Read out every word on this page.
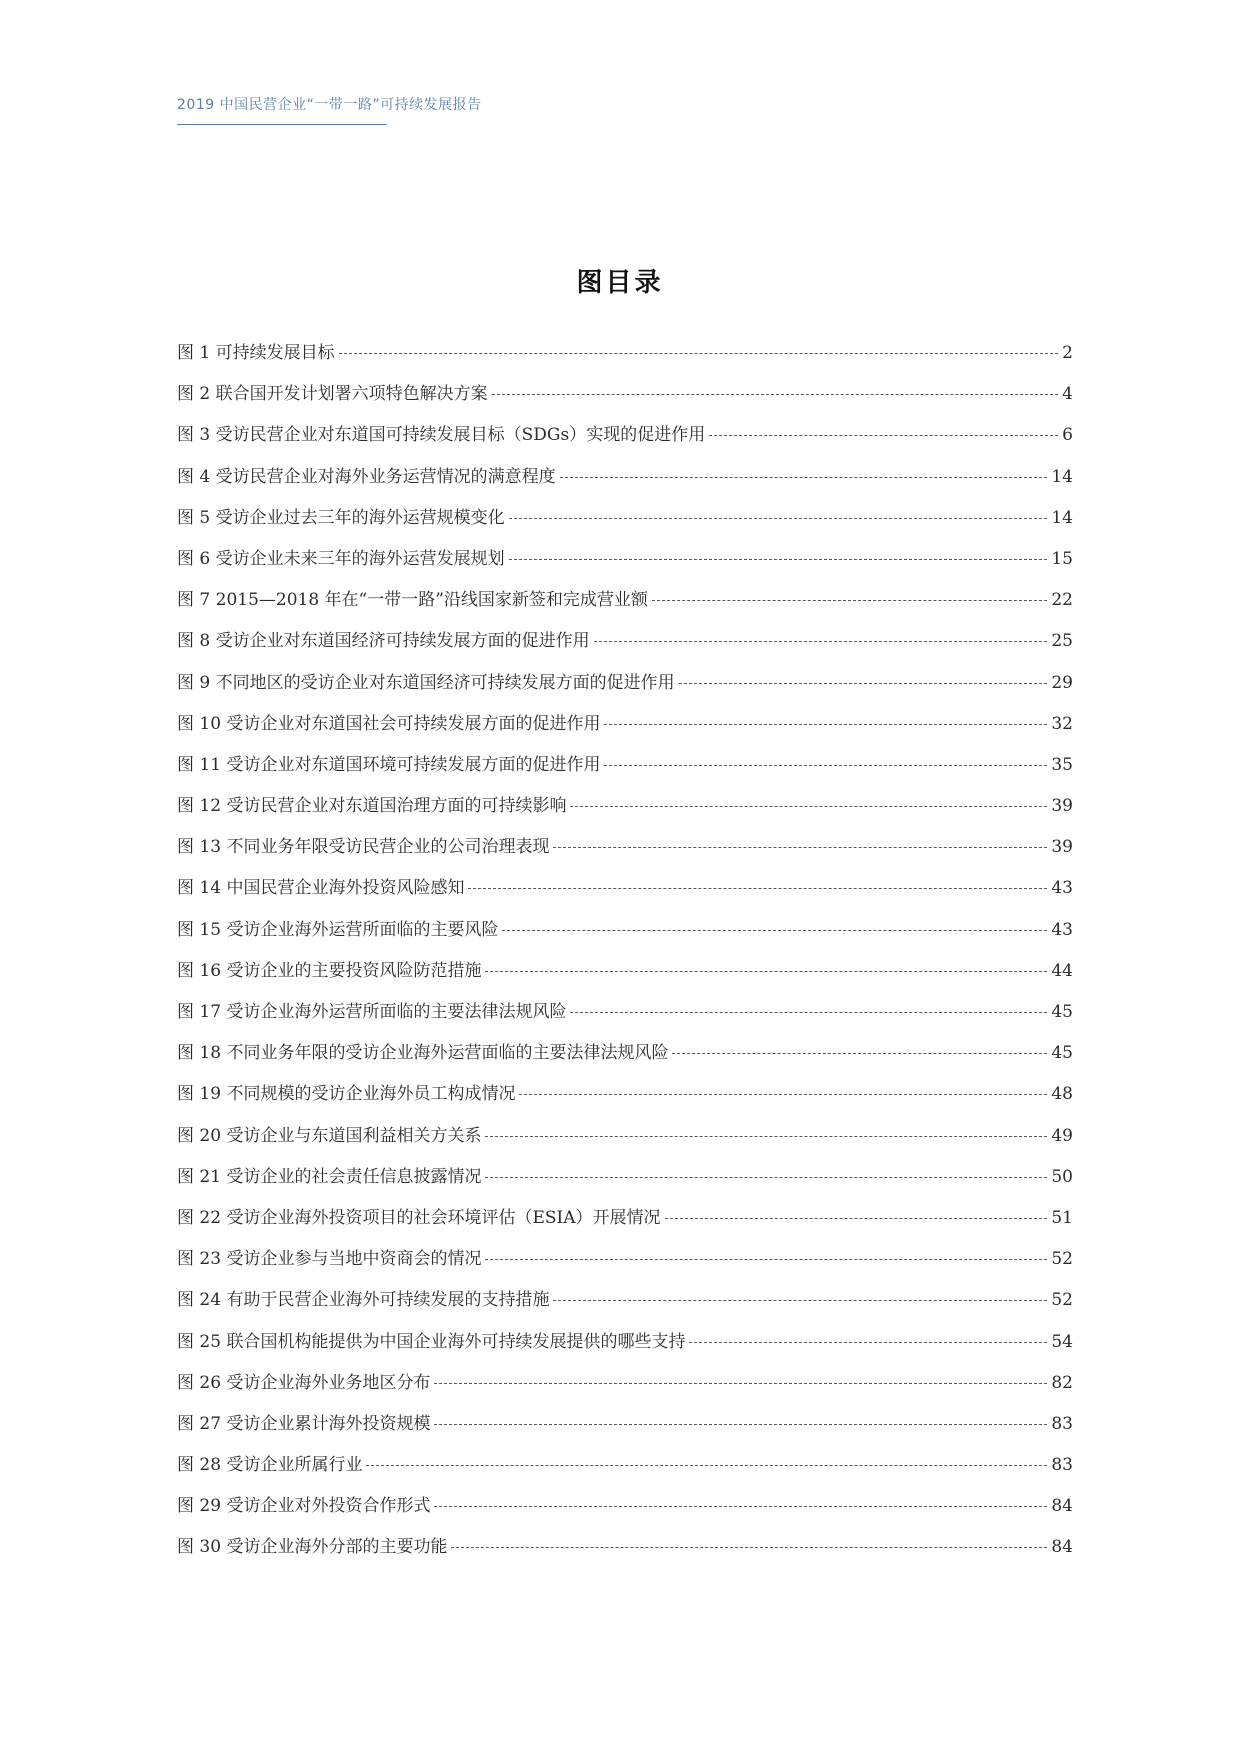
2019 中国民营企业“一带一路”可持续发展报告
图目录
图 1 可持续发展目标	2
图 2 联合国开发计划署六项特色解决方案	4
图 3 受访民营企业对东道国可持续发展目标（SDGs）实现的促进作用	6
图 4 受访民营企业对海外业务运营情况的满意程度	14
图 5 受访企业过去三年的海外运营规模变化	14
图 6 受访企业未来三年的海外运营发展规划	15
图 7 2015—2018 年在“一带一路”沿线国家新签和完成营业额	22
图 8 受访企业对东道国经济可持续发展方面的促进作用	25
图 9 不同地区的受访企业对东道国经济可持续发展方面的促进作用	29
图 10 受访企业对东道国社会可持续发展方面的促进作用	32
图 11 受访企业对东道国环境可持续发展方面的促进作用	35
图 12 受访民营企业对东道国治理方面的可持续影响	39
图 13 不同业务年限受访民营企业的公司治理表现	39
图 14 中国民营企业海外投资风险感知	43
图 15 受访企业海外运营所面临的主要风险	43
图 16 受访企业的主要投资风险防范措施	44
图 17 受访企业海外运营所面临的主要法律法规风险	45
图 18 不同业务年限的受访企业海外运营面临的主要法律法规风险	45
图 19 不同规模的受访企业海外员工构成情况	48
图 20 受访企业与东道国利益相关方关系	49
图 21 受访企业的社会责任信息披露情况	50
图 22 受访企业海外投资项目的社会环境评估（ESIA）开展情况	51
图 23 受访企业参与当地中资商会的情况	52
图 24 有助于民营企业海外可持续发展的支持措施	52
图 25 联合国机构能提供为中国企业海外可持续发展提供的哪些支持	54
图 26 受访企业海外业务地区分布	82
图 27 受访企业累计海外投资规模	83
图 28 受访企业所属行业	83
图 29 受访企业对外投资合作形式	84
图 30 受访企业海外分部的主要功能	84
